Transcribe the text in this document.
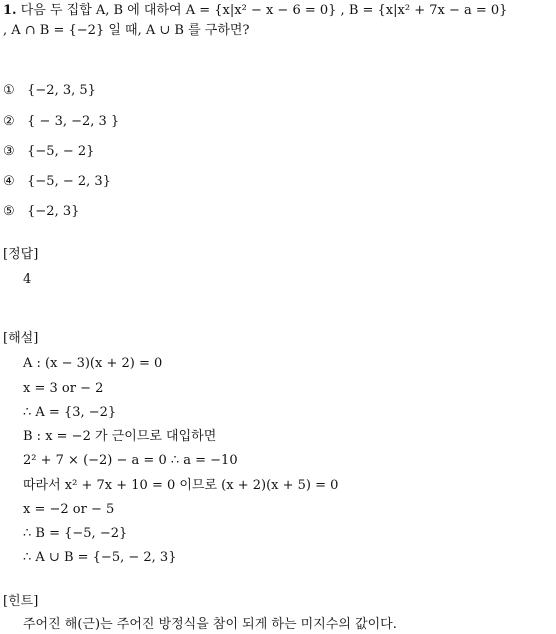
1. 다음 두 집합 A, B 에 대하여 A = {x|x² − x − 6 = 0} , B = {x|x² + 7x − a = 0}
, A ∩ B = {−2} 일 때, A ∪ B 를 구하면?
① {−2, 3, 5}
② { − 3, −2, 3 }
③ {−5, − 2}
④ {−5, − 2, 3}
⑤ {−2, 3}
[정답]
4
[해설]
A : (x − 3)(x + 2) = 0
x = 3 or − 2
∴ A = {3, −2}
B : x = −2 가 근이므로 대입하면
2² + 7 × (−2) − a = 0 ∴ a = −10
따라서 x² + 7x + 10 = 0 이므로 (x + 2)(x + 5) = 0
x = −2 or − 5
∴ B = {−5, −2}
∴ A ∪ B = {−5, − 2, 3}
[힌트]
주어진 해(근)는 주어진 방정식을 참이 되게 하는 미지수의 값이다.
